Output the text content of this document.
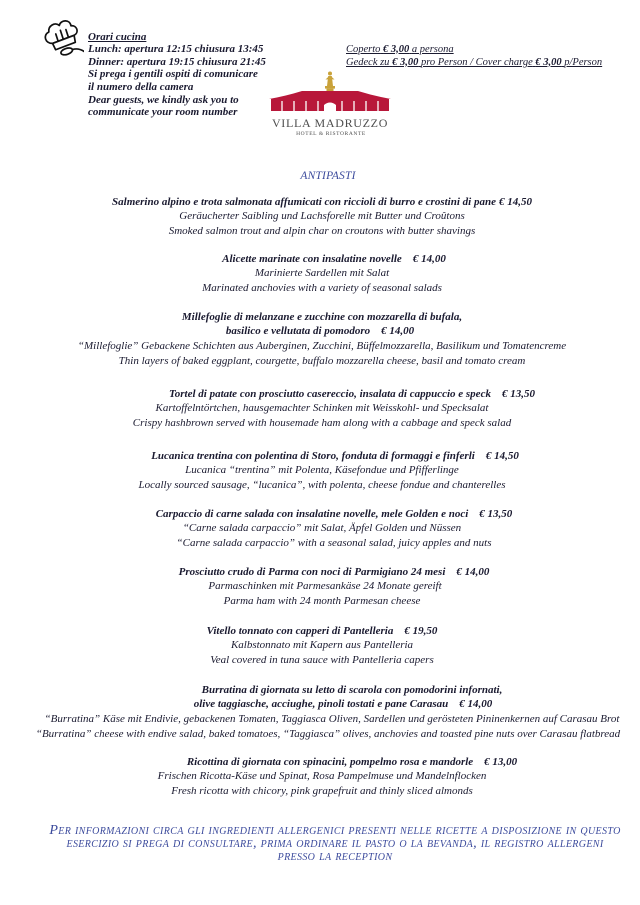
Orari cucina
Lunch: apertura 12:15 chiusura 13:45
Dinner: apertura 19:15 chiusura 21:45
Si prega i gentili ospiti di comunicare
il numero della camera
Dear guests, we kindly ask you to
communicate your room number
Coperto € 3,00 a persona
Gedeck zu € 3,00 pro Person / Cover charge € 3,00 p/Person
VILLA MADRUZZO
HOTEL & RISTORANTE
ANTIPASTI
Salmerino alpino e trota salmonata affumicati con riccioli di burro e crostini di pane € 14,50
Geräucherter Saibling und Lachsforelle mit Butter und Croûtons
Smoked salmon trout and alpin char on croutons with butter shavings
Alicette marinate con insalatine novelle € 14,00
Marinierte Sardellen mit Salat
Marinated anchovies with a variety of seasonal salads
Millefoglie di melanzane e zucchine con mozzarella di bufala,
basilico e vellutata di pomodoro € 14,00
“Millefoglie” Gebackene Schichten aus Auberginen, Zucchini, Büffelmozzarella, Basilikum und Tomatencreme
Thin layers of baked eggplant, courgette, buffalo mozzarella cheese, basil and tomato cream
Tortel di patate con prosciutto casereccio, insalata di cappuccio e speck € 13,50
Kartoffelntörtchen, hausgemachter Schinken mit Weisskohl- und Specksalat
Crispy hashbrown served with housemade ham along with a cabbage and speck salad
Lucanica trentina con polentina di Storo, fonduta di formaggi e finferli € 14,50
Lucanica “trentina” mit Polenta, Käsefondue und Pfifferlinge
Locally sourced sausage, “lucanica”, with polenta, cheese fondue and chanterelles
Carpaccio di carne salada con insalatine novelle, mele Golden e noci € 13,50
“Carne salada carpaccio” mit Salat, Äpfel Golden und Nüssen
“Carne salada carpaccio” with a seasonal salad, juicy apples and nuts
Prosciutto crudo di Parma con noci di Parmigiano 24 mesi € 14,00
Parmaschinken mit Parmesankäse 24 Monate gereift
Parma ham with 24 month Parmesan cheese
Vitello tonnato con capperi di Pantelleria € 19,50
Kalbstonnato mit Kapern aus Pantelleria
Veal covered in tuna sauce with Pantelleria capers
Burratina di giornata su letto di scarola con pomodorini infornati,
olive taggiasche, acciughe, pinoli tostati e pane Carasau € 14,00
“Burratina” Käse mit Endivie, gebackenen Tomaten, Taggiasca Oliven, Sardellen und gerösteten Pininenkernen auf Carasau Brot
“Burratina” cheese with endive salad, baked tomatoes, “Taggiasca” olives, anchovies and toasted pine nuts over Carasau flatbread
Ricottina di giornata con spinacini, pompelmo rosa e mandorle € 13,00
Frischen Ricotta-Käse und Spinat, Rosa Pampelmuse und Mandelnflocken
Fresh ricotta with chicory, pink grapefruit and thinly sliced almonds
Per informazioni circa gli ingredienti allergenici presenti nelle ricette a disposizione in questo
esercizio si prega di consultare, prima ordinare il pasto o la bevanda, il registro allergeni
presso la reception
